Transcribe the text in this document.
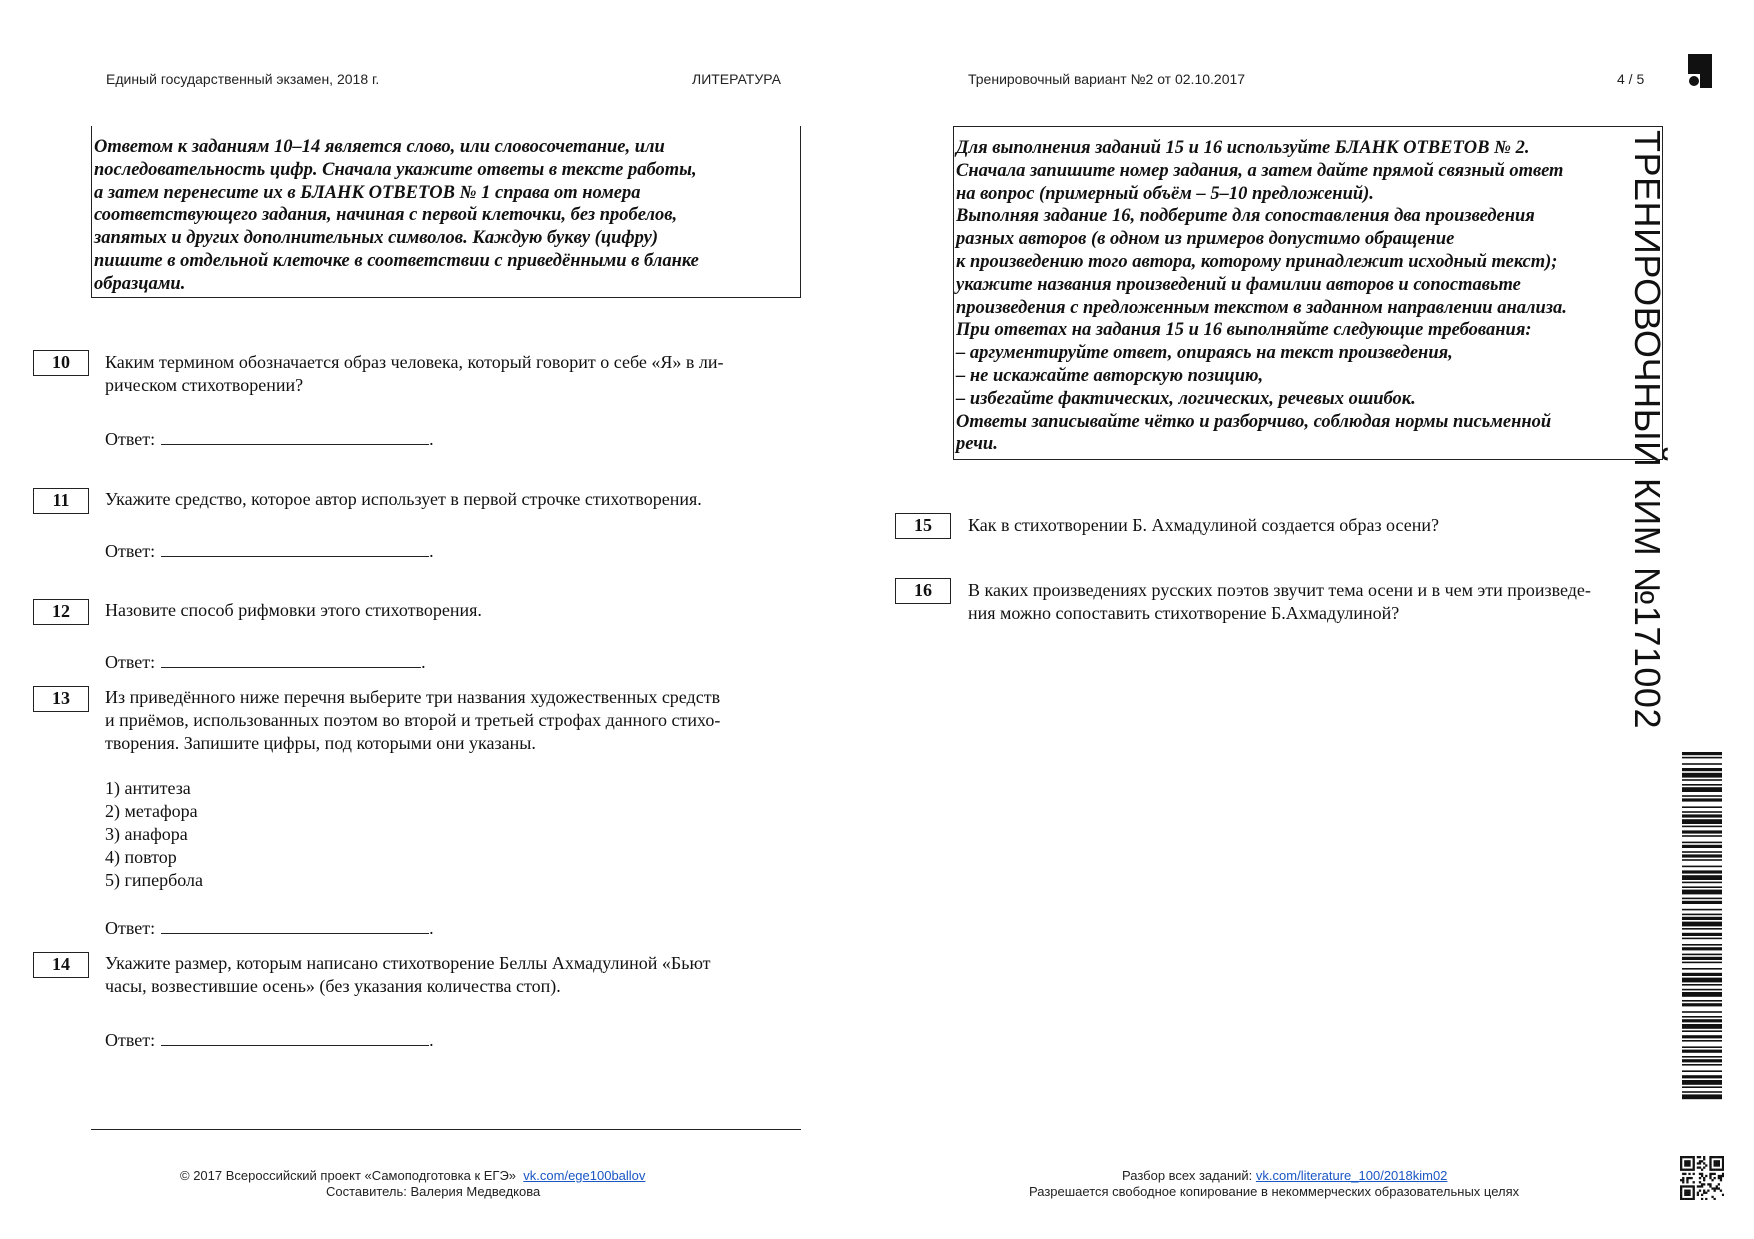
Единый государственный экзамен, 2018 г.	ЛИТЕРАТУРА	Тренировочный вариант №2 от 02.10.2017	4 / 5
ТРЕНИРОВОЧНЫЙ КИМ №171002
Ответом к заданиям 10–14 является слово, или словосочетание, или
последовательность цифр. Сначала укажите ответы в тексте работы,
а затем перенесите их в БЛАНК ОТВЕТОВ № 1 справа от номера
соответствующего задания, начиная с первой клеточки, без пробелов,
запятых и других дополнительных символов. Каждую букву (цифру)
пишите в отдельной клеточке в соответствии с приведёнными в бланке
образцами.
Для выполнения заданий 15 и 16 используйте БЛАНК ОТВЕТОВ № 2.
Сначала запишите номер задания, а затем дайте прямой связный ответ
на вопрос (примерный объём – 5–10 предложений).
Выполняя задание 16, подберите для сопоставления два произведения
разных авторов (в одном из примеров допустимо обращение
к произведению того автора, которому принадлежит исходный текст);
укажите названия произведений и фамилии авторов и сопоставьте
произведения с предложенным текстом в заданном направлении анализа.
При ответах на задания 15 и 16 выполняйте следующие требования:
– аргументируйте ответ, опираясь на текст произведения,
– не искажайте авторскую позицию,
– избегайте фактических, логических, речевых ошибок.
Ответы записывайте чётко и разборчиво, соблюдая нормы письменной
речи.
10	Каким термином обозначается образ человека, который говорит о себе «Я» в ли-
рическом стихотворении?
Ответ:	.
11	Укажите средство, которое автор использует в первой строчке стихотворения.
Ответ:	.
12	Назовите способ рифмовки этого стихотворения.
Ответ:	.
13	Из приведённого ниже перечня выберите три названия художественных средств
и приёмов, использованных поэтом во второй и третьей строфах данного стихо-
творения. Запишите цифры, под которыми они указаны.
1) антитеза
2) метафора
3) анафора
4) повтор
5) гипербола
Ответ:	.
14	Укажите размер, которым написано стихотворение Беллы Ахмадулиной «Бьют
часы, возвестившие осень» (без указания количества стоп).
Ответ:	.
15	Как в стихотворении Б. Ахмадулиной создается образ осени?
16	В каких произведениях русских поэтов звучит тема осени и в чем эти произведе-
ния можно сопоставить стихотворение Б.Ахмадулиной?
© 2017 Всероссийский проект «Самоподготовка к ЕГЭ» vk.com/ege100ballov
Составитель: Валерия Медведкова
Разбор всех заданий: vk.com/literature_100/2018kim02
Разрешается свободное копирование в некоммерческих образовательных целях
